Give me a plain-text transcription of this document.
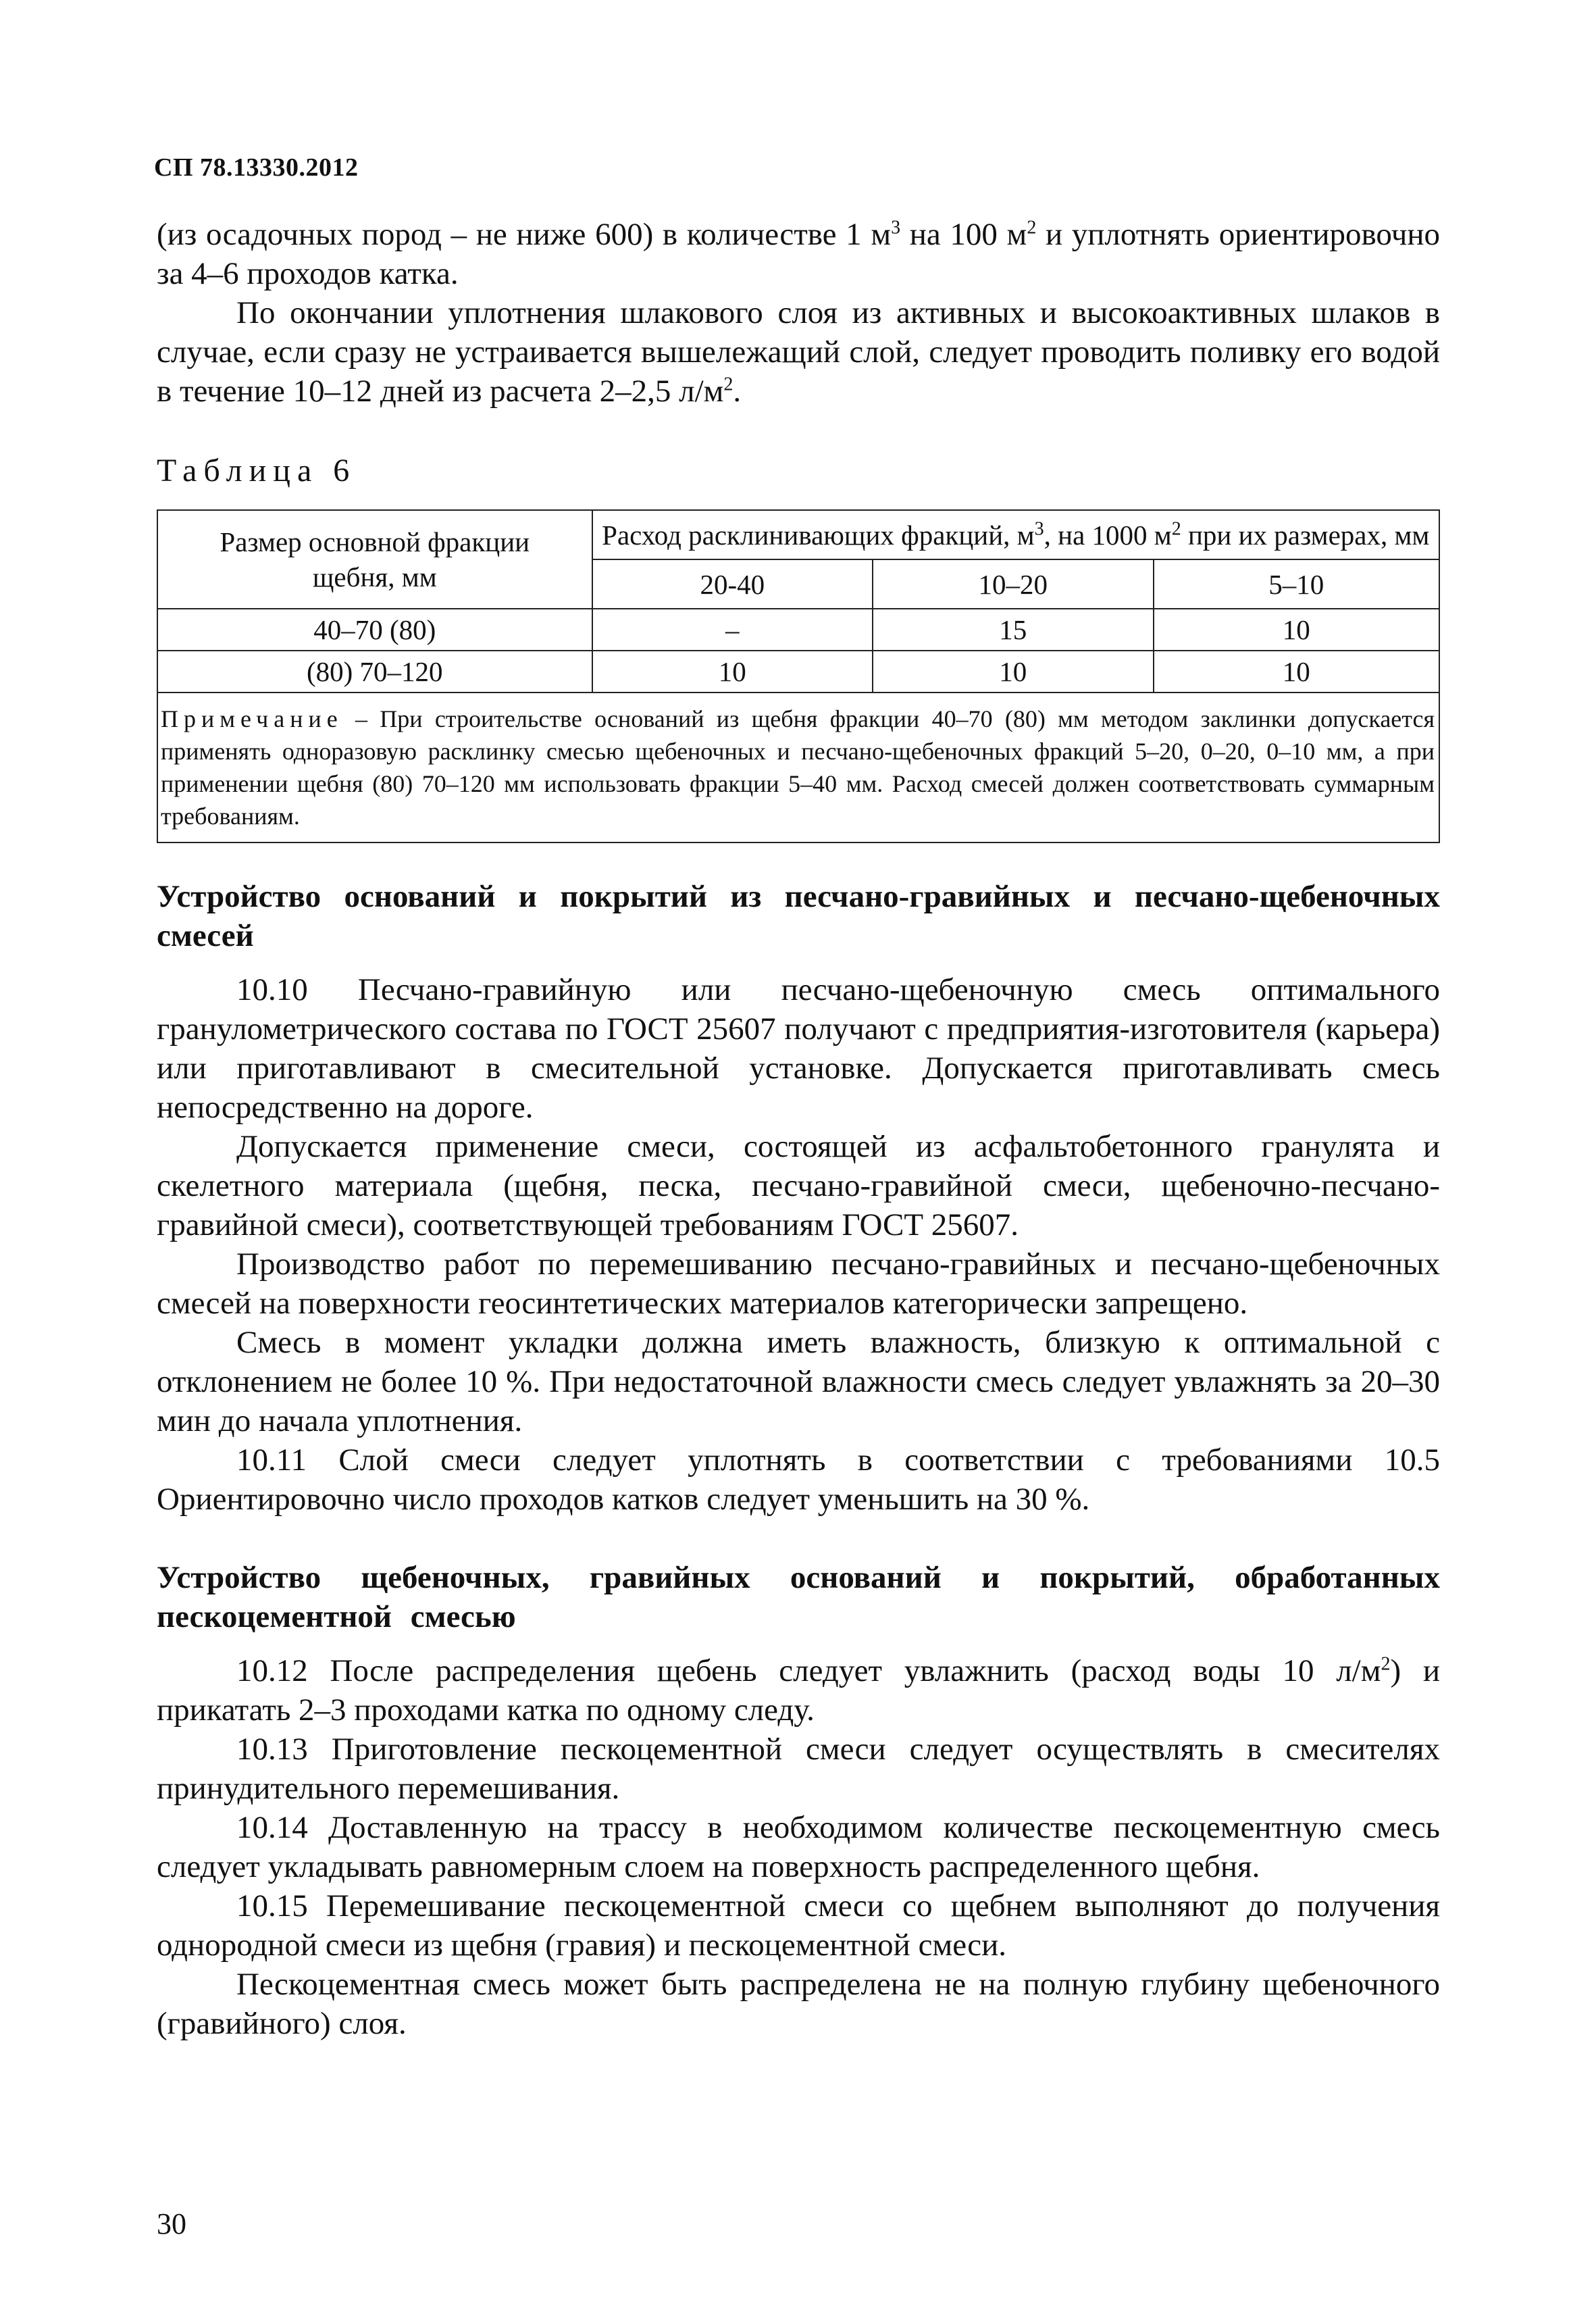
СП 78.13330.2012

(из осадочных пород – не ниже 600) в количестве 1 $м^3$ на 100 $м^2$ и уплотнять ориентировочно за 4–6 проходов катка.

По окончании уплотнения шлакового слоя из активных и высокоактивных шлаков в случае, если сразу не устраивается вышележащий слой, следует проводить поливку его водой в течение 10–12 дней из расчета 2–2,5 $л/м^2$.

Таблица 6
Размер основной фракции щебня, мм	Расход расклинивающих фракций, $м^3$, на 1000 $м^2$ при их размерах, мм		
	20-40	10–20	5–10
40–70 (80)	–	15	10
(80) 70–120	10	10	10
Примечание – При строительстве оснований из щебня фракции 40–70 (80) мм методом заклинки допускается применять одноразовую расклинку смесью щебеночных и песчано-щебеночных фракций 5–20, 0–20, 0–10 мм, а при применении щебня (80) 70–120 мм использовать фракции 5–40 мм. Расход смесей должен соответствовать суммарным требованиям.			

Устройство оснований и покрытий из песчано-гравийных и песчано-щебеночных смесей

10.10 Песчано-гравийную или песчано-щебеночную смесь оптимального гранулометрического состава по ГОСТ 25607 получают с предприятия-изготовителя (карьера) или приготавливают в смесительной установке. Допускается приготавливать смесь непосредственно на дороге.

Допускается применение смеси, состоящей из асфальтобетонного гранулята и скелетного материала (щебня, песка, песчано-гравийной смеси, щебеночно-песчано-гравийной смеси), соответствующей требованиям ГОСТ 25607.

Производство работ по перемешиванию песчано-гравийных и песчано-щебеночных смесей на поверхности геосинтетических материалов категорически запрещено.

Смесь в момент укладки должна иметь влажность, близкую к оптимальной с отклонением не более 10 %. При недостаточной влажности смесь следует увлажнять за 20–30 мин до начала уплотнения.

10.11 Слой смеси следует уплотнять в соответствии с требованиями 10.5 Ориентировочно число проходов катков следует уменьшить на 30 %.

Устройство щебеночных, гравийных оснований и покрытий, обработанных пескоцементной смесью

10.12 После распределения щебень следует увлажнить (расход воды 10 $л/м^2$) и прикатать 2–3 проходами катка по одному следу.

10.13 Приготовление пескоцементной смеси следует осуществлять в смесителях принудительного перемешивания.

10.14 Доставленную на трассу в необходимом количестве пескоцементную смесь следует укладывать равномерным слоем на поверхность распределенного щебня.

10.15 Перемешивание пескоцементной смеси со щебнем выполняют до получения однородной смеси из щебня (гравия) и пескоцементной смеси.

Пескоцементная смесь может быть распределена не на полную глубину щебеночного (гравийного) слоя.

30
